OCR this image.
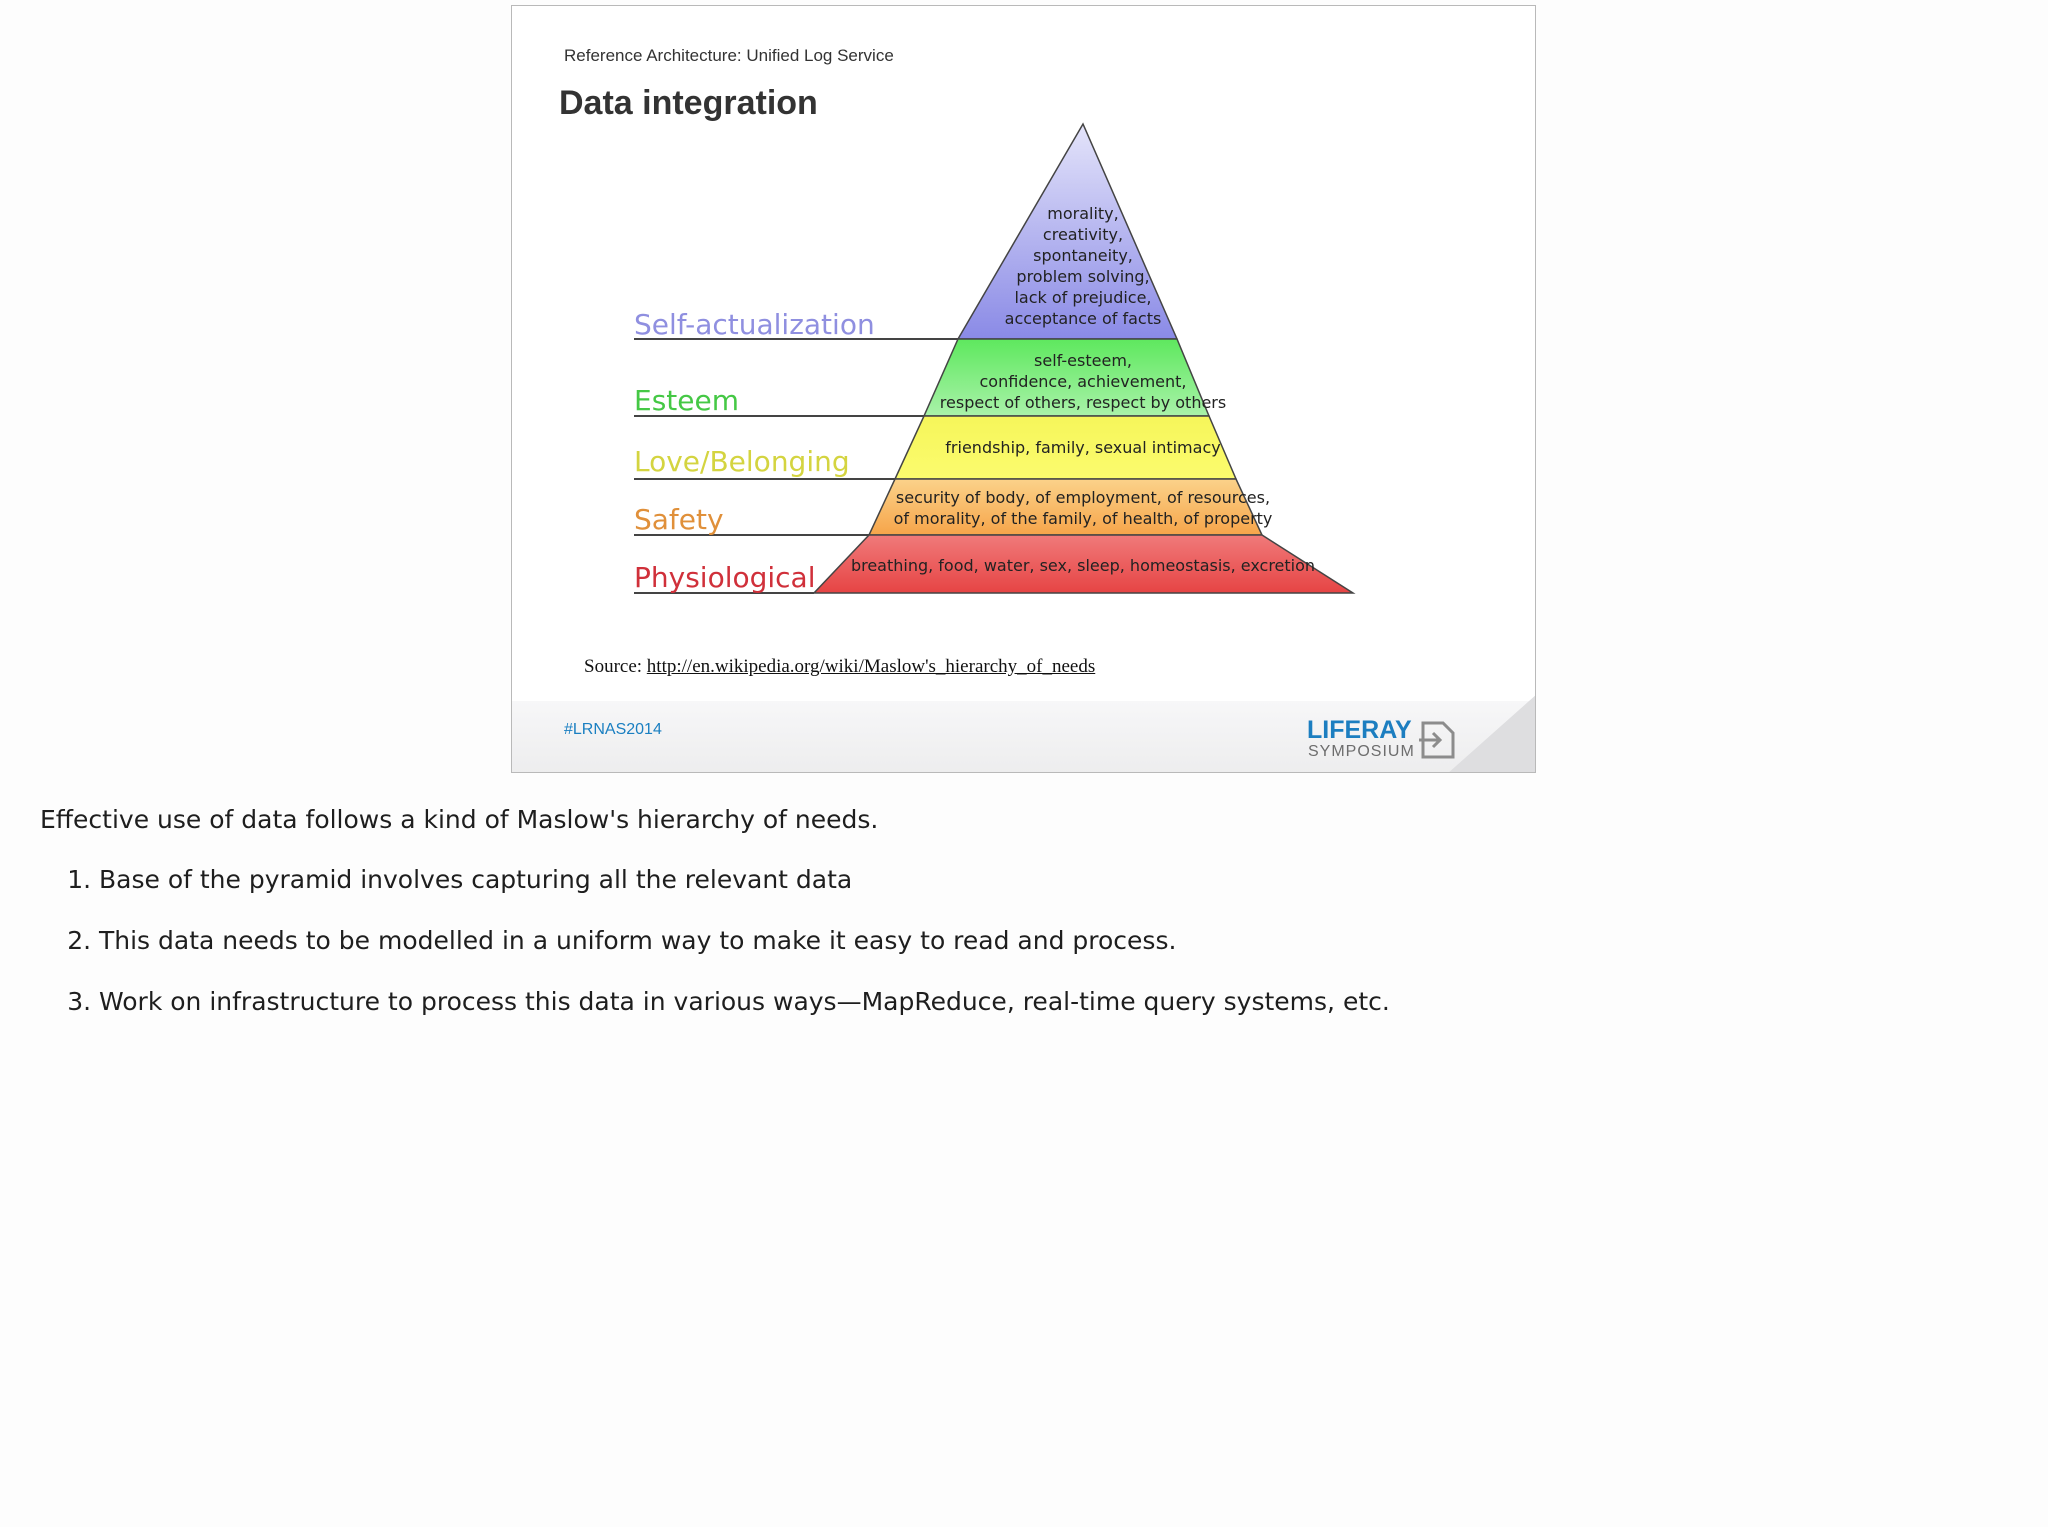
Reference Architecture: Unified Log Service
Data integration
Self-actualization
Esteem
Love/Belonging
Safety
Physiological
morality,
creativity,
spontaneity,
problem solving,
lack of prejudice,
acceptance of facts
self-esteem,
confidence, achievement,
respect of others, respect by others
friendship, family, sexual intimacy
security of body, of employment, of resources,
of morality, of the family, of health, of property
breathing, food, water, sex, sleep, homeostasis, excretion
Source: http://en.wikipedia.org/wiki/Maslow's_hierarchy_of_needs
#LRNAS2014	LIFERAY
SYMPOSIUM

Effective use of data follows a kind of Maslow's hierarchy of needs.

1. Base of the pyramid involves capturing all the relevant data
2. This data needs to be modelled in a uniform way to make it easy to read and process.
3. Work on infrastructure to process this data in various ways—MapReduce, real-time query systems, etc.
